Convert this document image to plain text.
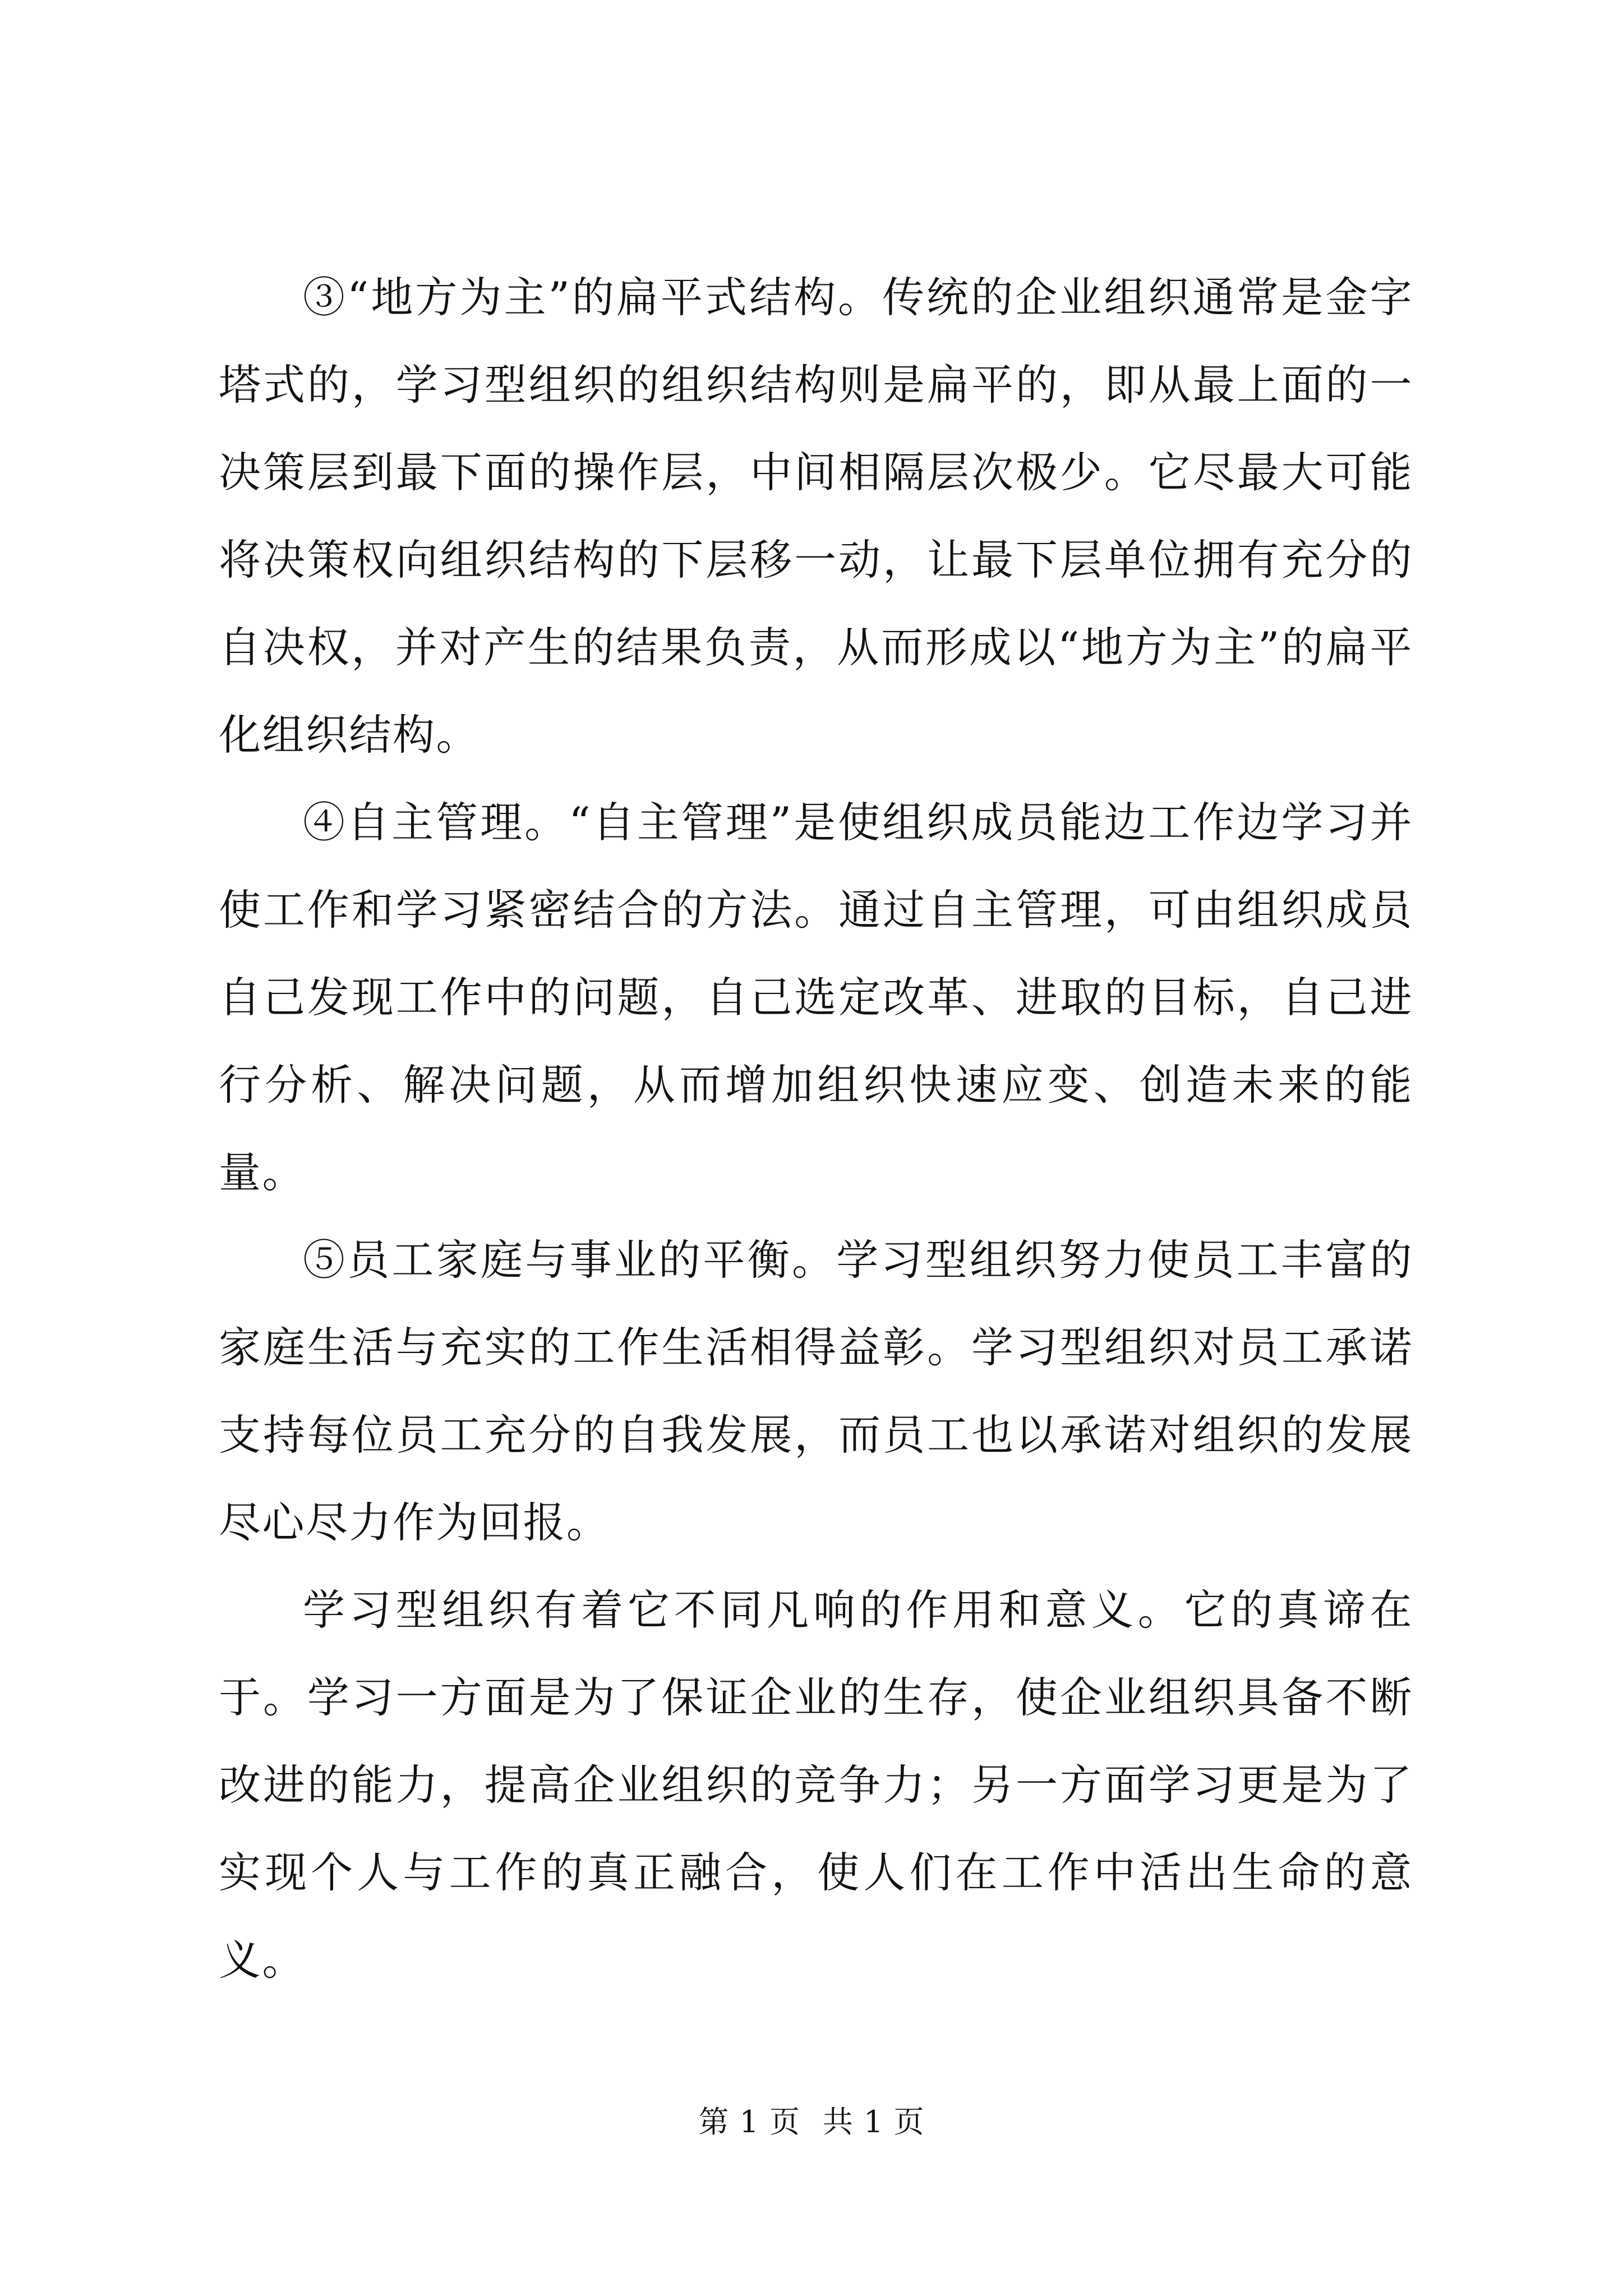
③“地方为主”的扁平式结构。传统的企业组织通常是金字塔式的，学习型组织的组织结构则是扁平的，即从最上面的一决策层到最下面的操作层，中间相隔层次极少。它尽最大可能将决策权向组织结构的下层移一动，让最下层单位拥有充分的自决权，并对产生的结果负责，从而形成以“地方为主”的扁平化组织结构。

④自主管理。“自主管理”是使组织成员能边工作边学习并使工作和学习紧密结合的方法。通过自主管理，可由组织成员自己发现工作中的问题，自己选定改革、进取的目标，自己进行分析、解决问题，从而增加组织快速应变、创造未来的能量。

⑤员工家庭与事业的平衡。学习型组织努力使员工丰富的家庭生活与充实的工作生活相得益彰。学习型组织对员工承诺支持每位员工充分的自我发展，而员工也以承诺对组织的发展尽心尽力作为回报。

学习型组织有着它不同凡响的作用和意义。它的真谛在于。学习一方面是为了保证企业的生存，使企业组织具备不断改进的能力，提高企业组织的竞争力；另一方面学习更是为了实现个人与工作的真正融合，使人们在工作中活出生命的意义。

第 1 页 共 1 页
